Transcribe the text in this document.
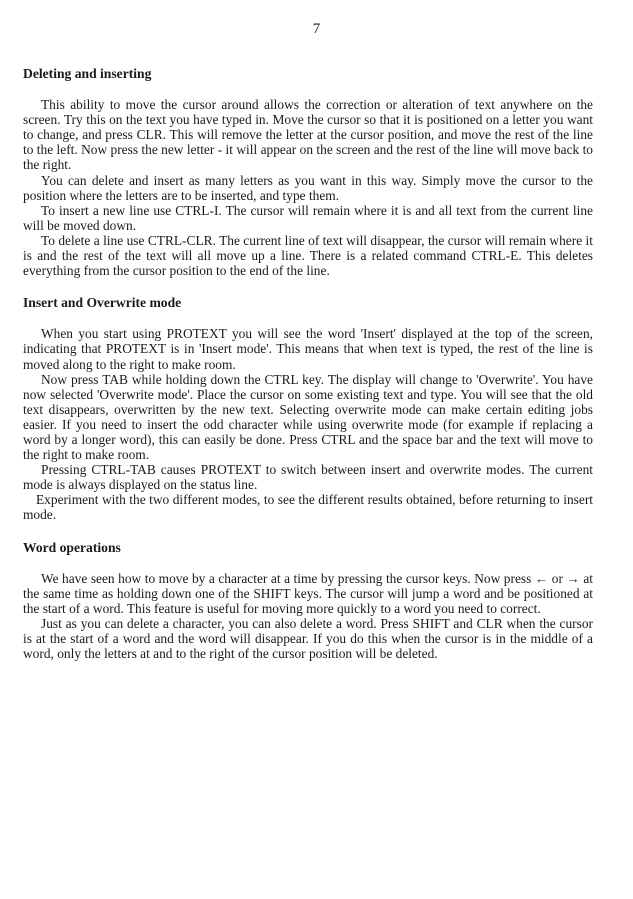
7

Deleting and inserting

This ability to move the cursor around allows the correction or alteration of text anywhere on the screen. Try this on the text you have typed in. Move the cursor so that it is positioned on a letter you want to change, and press CLR. This will remove the letter at the cursor position, and move the rest of the line to the left. Now press the new letter - it will appear on the screen and the rest of the line will move back to the right.

You can delete and insert as many letters as you want in this way. Simply move the cursor to the position where the letters are to be inserted, and type them.

To insert a new line use CTRL-I. The cursor will remain where it is and all text from the current line will be moved down.

To delete a line use CTRL-CLR. The current line of text will disappear, the cursor will remain where it is and the rest of the text will all move up a line. There is a related command CTRL-E. This deletes everything from the cursor position to the end of the line.

Insert and Overwrite mode

When you start using PROTEXT you will see the word 'Insert' displayed at the top of the screen, indicating that PROTEXT is in 'Insert mode'. This means that when text is typed, the rest of the line is moved along to the right to make room.

Now press TAB while holding down the CTRL key. The display will change to 'Overwrite'. You have now selected 'Overwrite mode'. Place the cursor on some existing text and type. You will see that the old text disappears, overwritten by the new text. Selecting overwrite mode can make certain editing jobs easier. If you need to insert the odd character while using overwrite mode (for example if replacing a word by a longer word), this can easily be done. Press CTRL and the space bar and the text will move to the right to make room.

Pressing CTRL-TAB causes PROTEXT to switch between insert and overwrite modes. The current mode is always displayed on the status line.

Experiment with the two different modes, to see the different results obtained, before returning to insert mode.

Word operations

We have seen how to move by a character at a time by pressing the cursor keys. Now press ← or → at the same time as holding down one of the SHIFT keys. The cursor will jump a word and be positioned at the start of a word. This feature is useful for moving more quickly to a word you need to correct.

Just as you can delete a character, you can also delete a word. Press SHIFT and CLR when the cursor is at the start of a word and the word will disappear. If you do this when the cursor is in the middle of a word, only the letters at and to the right of the cursor position will be deleted.
